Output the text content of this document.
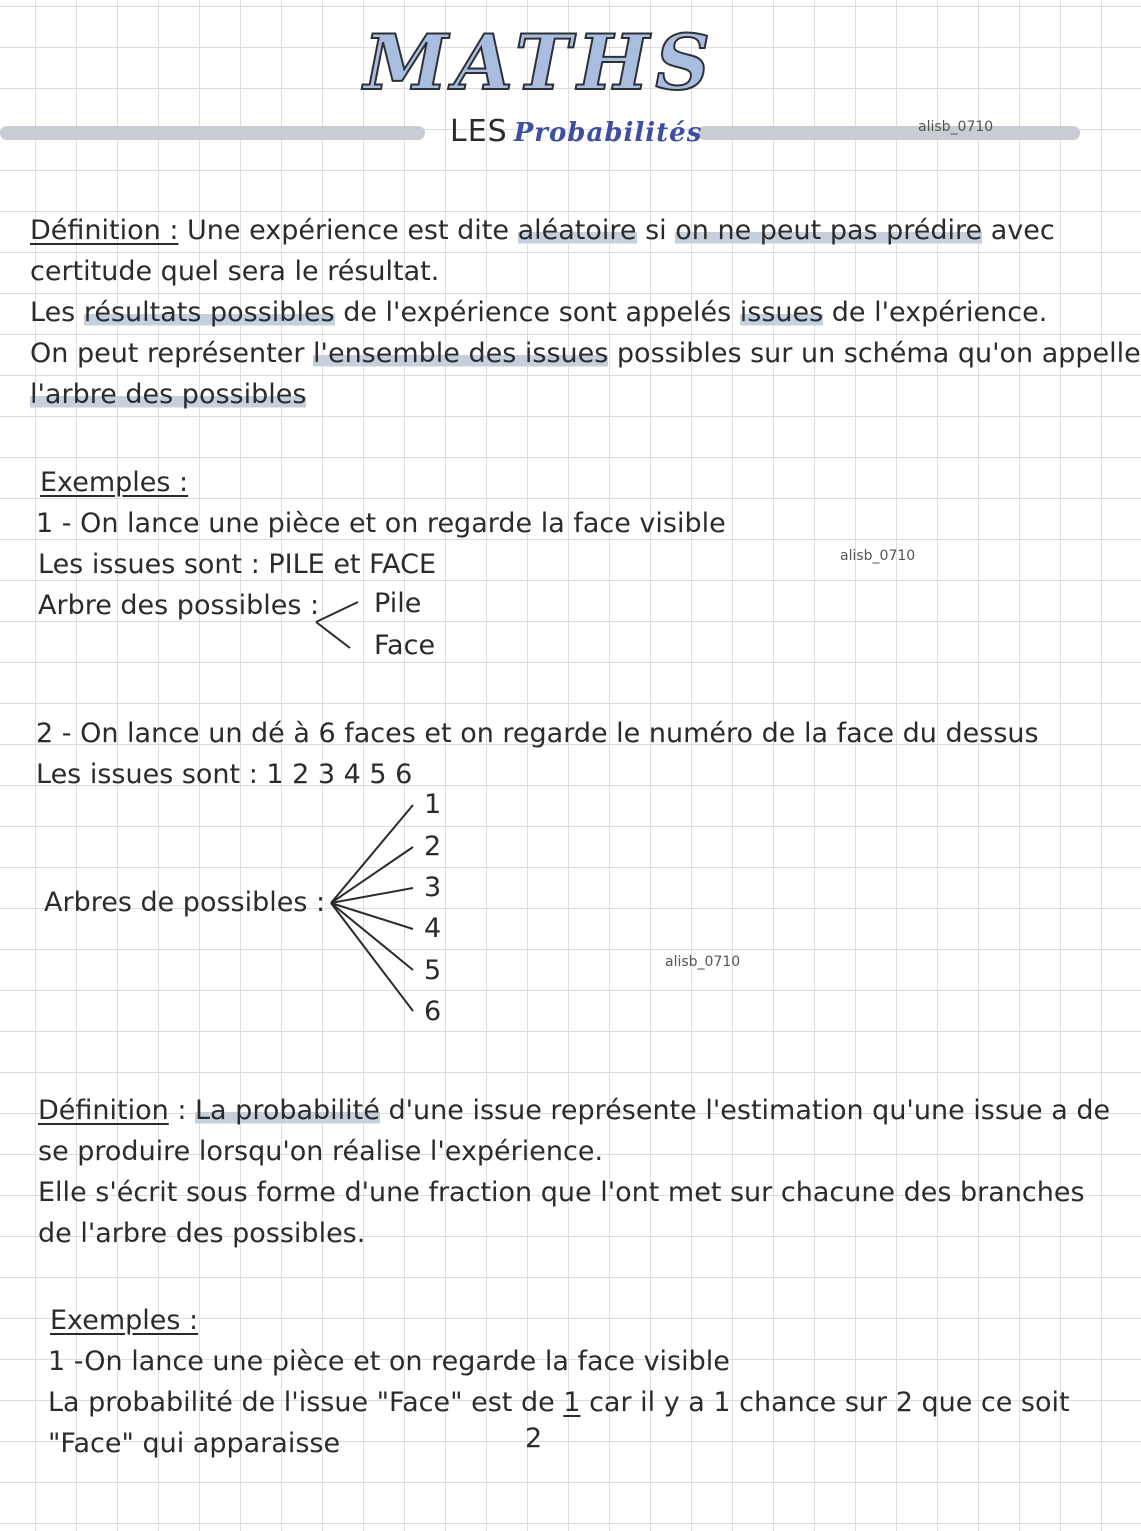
MATHS
LES Probabilités	alisb_0710
Définition : Une expérience est dite aléatoire si on ne peut pas prédire avec
certitude quel sera le résultat.
Les résultats possibles de l'expérience sont appelés issues de l'expérience.
On peut représenter l'ensemble des issues possibles sur un schéma qu'on appelle
l'arbre des possibles
Exemples :
1 - On lance une pièce et on regarde la face visible
Les issues sont : PILE et FACE	alisb_0710
Arbre des possibles : Pile
Face
2 - On lance un dé à 6 faces et on regarde le numéro de la face du dessus
Les issues sont : 1 2 3 4 5 6
Arbres de possibles :
1
2
3
4
5
6
alisb_0710
Définition : La probabilité d'une issue représente l'estimation qu'une issue a de
se produire lorsqu'on réalise l'expérience.
Elle s'écrit sous forme d'une fraction que l'ont met sur chacune des branches
de l'arbre des possibles.
Exemples :
1 -On lance une pièce et on regarde la face visible
La probabilité de l'issue "Face" est de 1 car il y a 1 chance sur 2 que ce soit
2
"Face" qui apparaisse
